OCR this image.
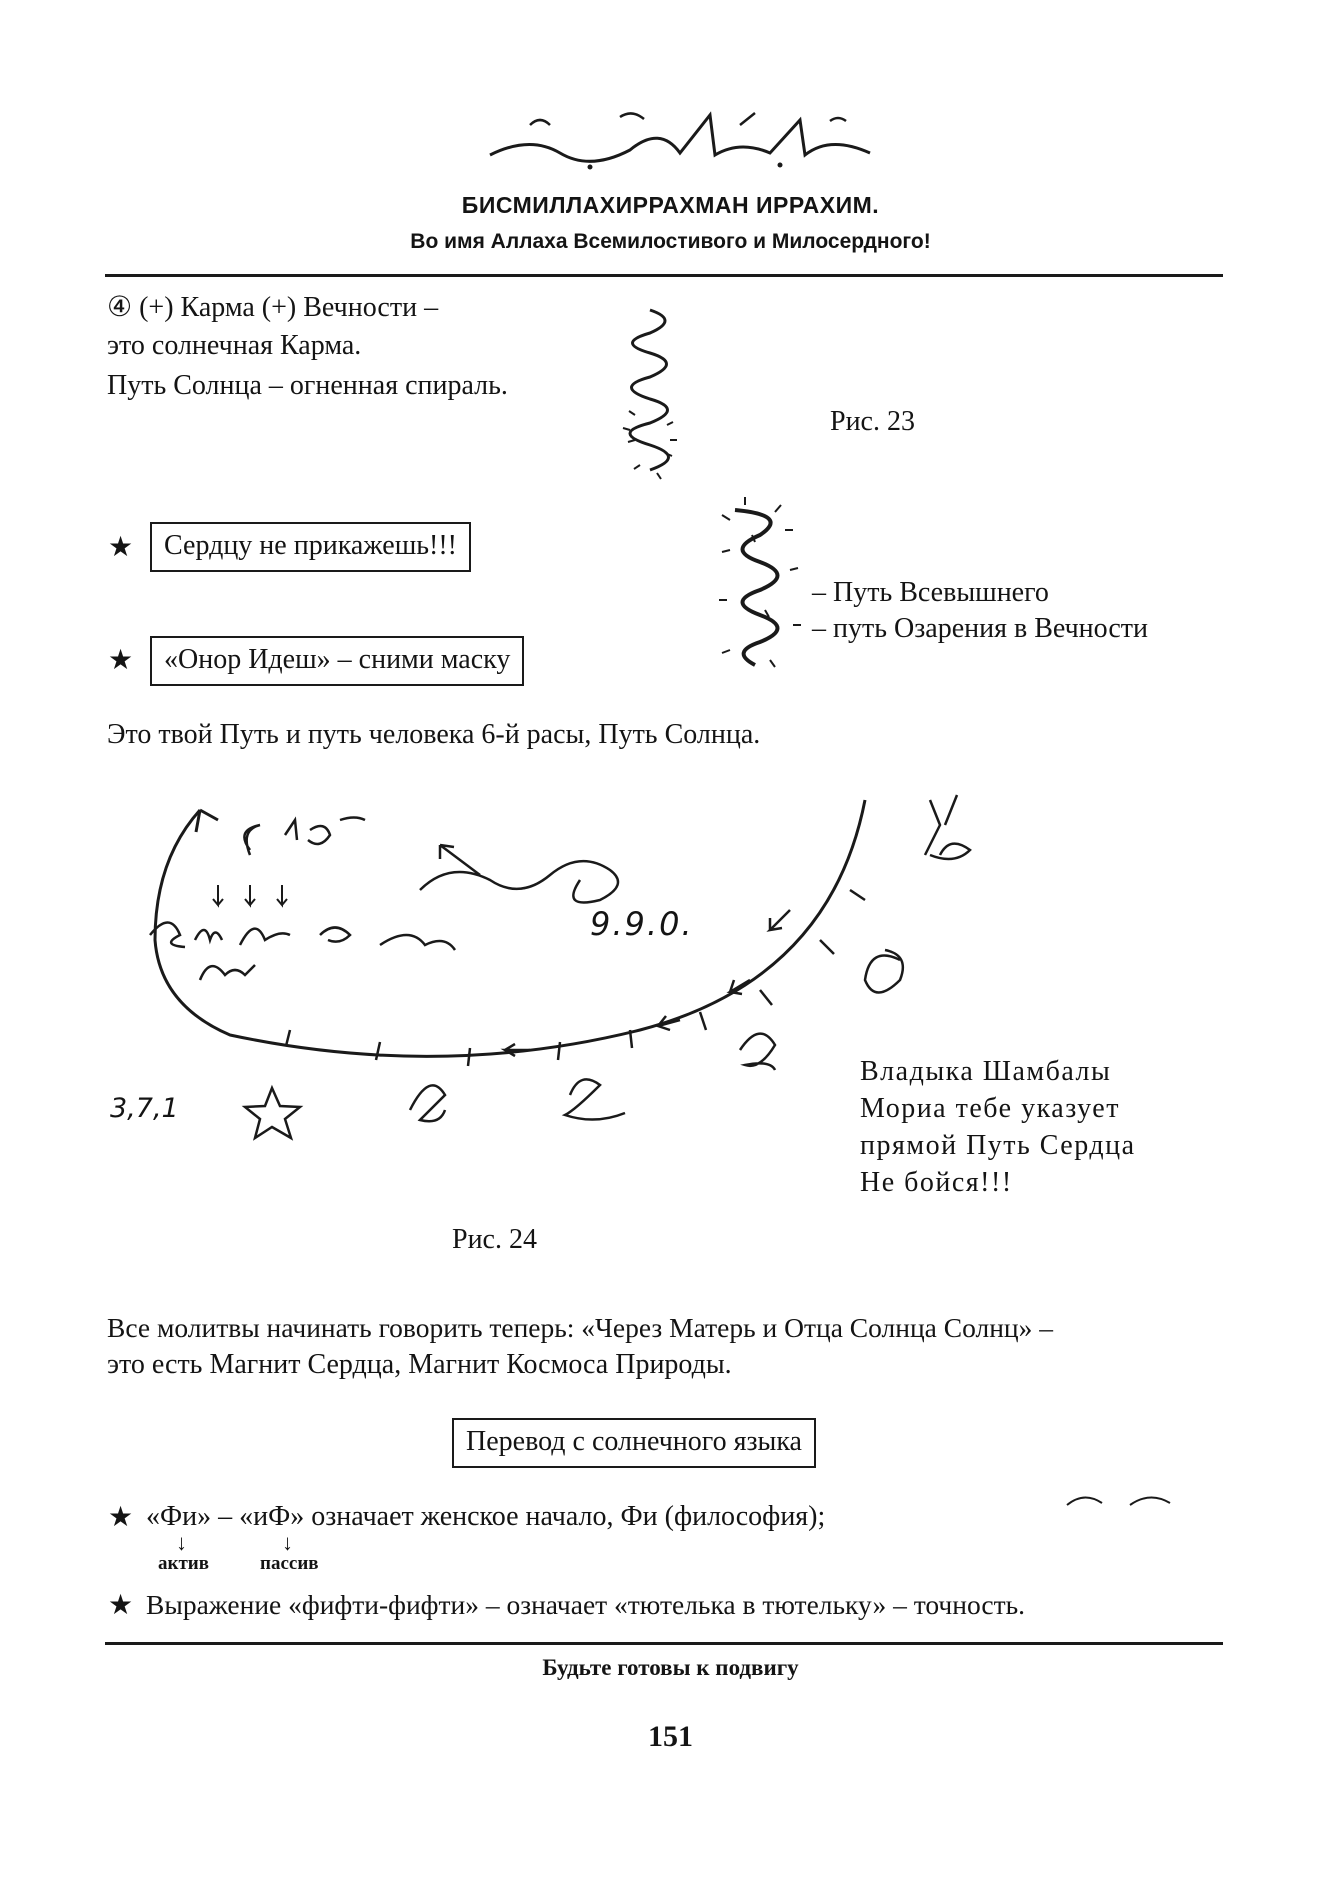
БИСМИЛЛАХИРРАХМАН ИРРАХИМ.
Во имя Аллаха Всемилостивого и Милосердного!
④ (+) Карма (+) Вечности –
это солнечная Карма.
Путь Солнца – огненная спираль.
Рис. 23
★	Сердцу не прикажешь!!!
★	«Онор Идеш» – сними маску
– Путь Всевышнего
– путь Озарения в Вечности
Это твой Путь и путь человека 6-й расы, Путь Солнца.
9.9.0.
3,7,1
Владыка Шамбалы
Мориа тебе указует
прямой Путь Сердца
Не бойся!!!
Рис. 24
Все молитвы начинать говорить теперь: «Через Матерь и Отца Солнца Солнц» –
это есть Магнит Сердца, Магнит Космоса Природы.
Перевод с солнечного языка
★ «Фи» – «иФ» означает женское начало, Фи (философия);
↓	↓
актив	пассив
★ Выражение «фифти-фифти» – означает «тютелька в тютельку» – точность.
Будьте готовы к подвигу
151
